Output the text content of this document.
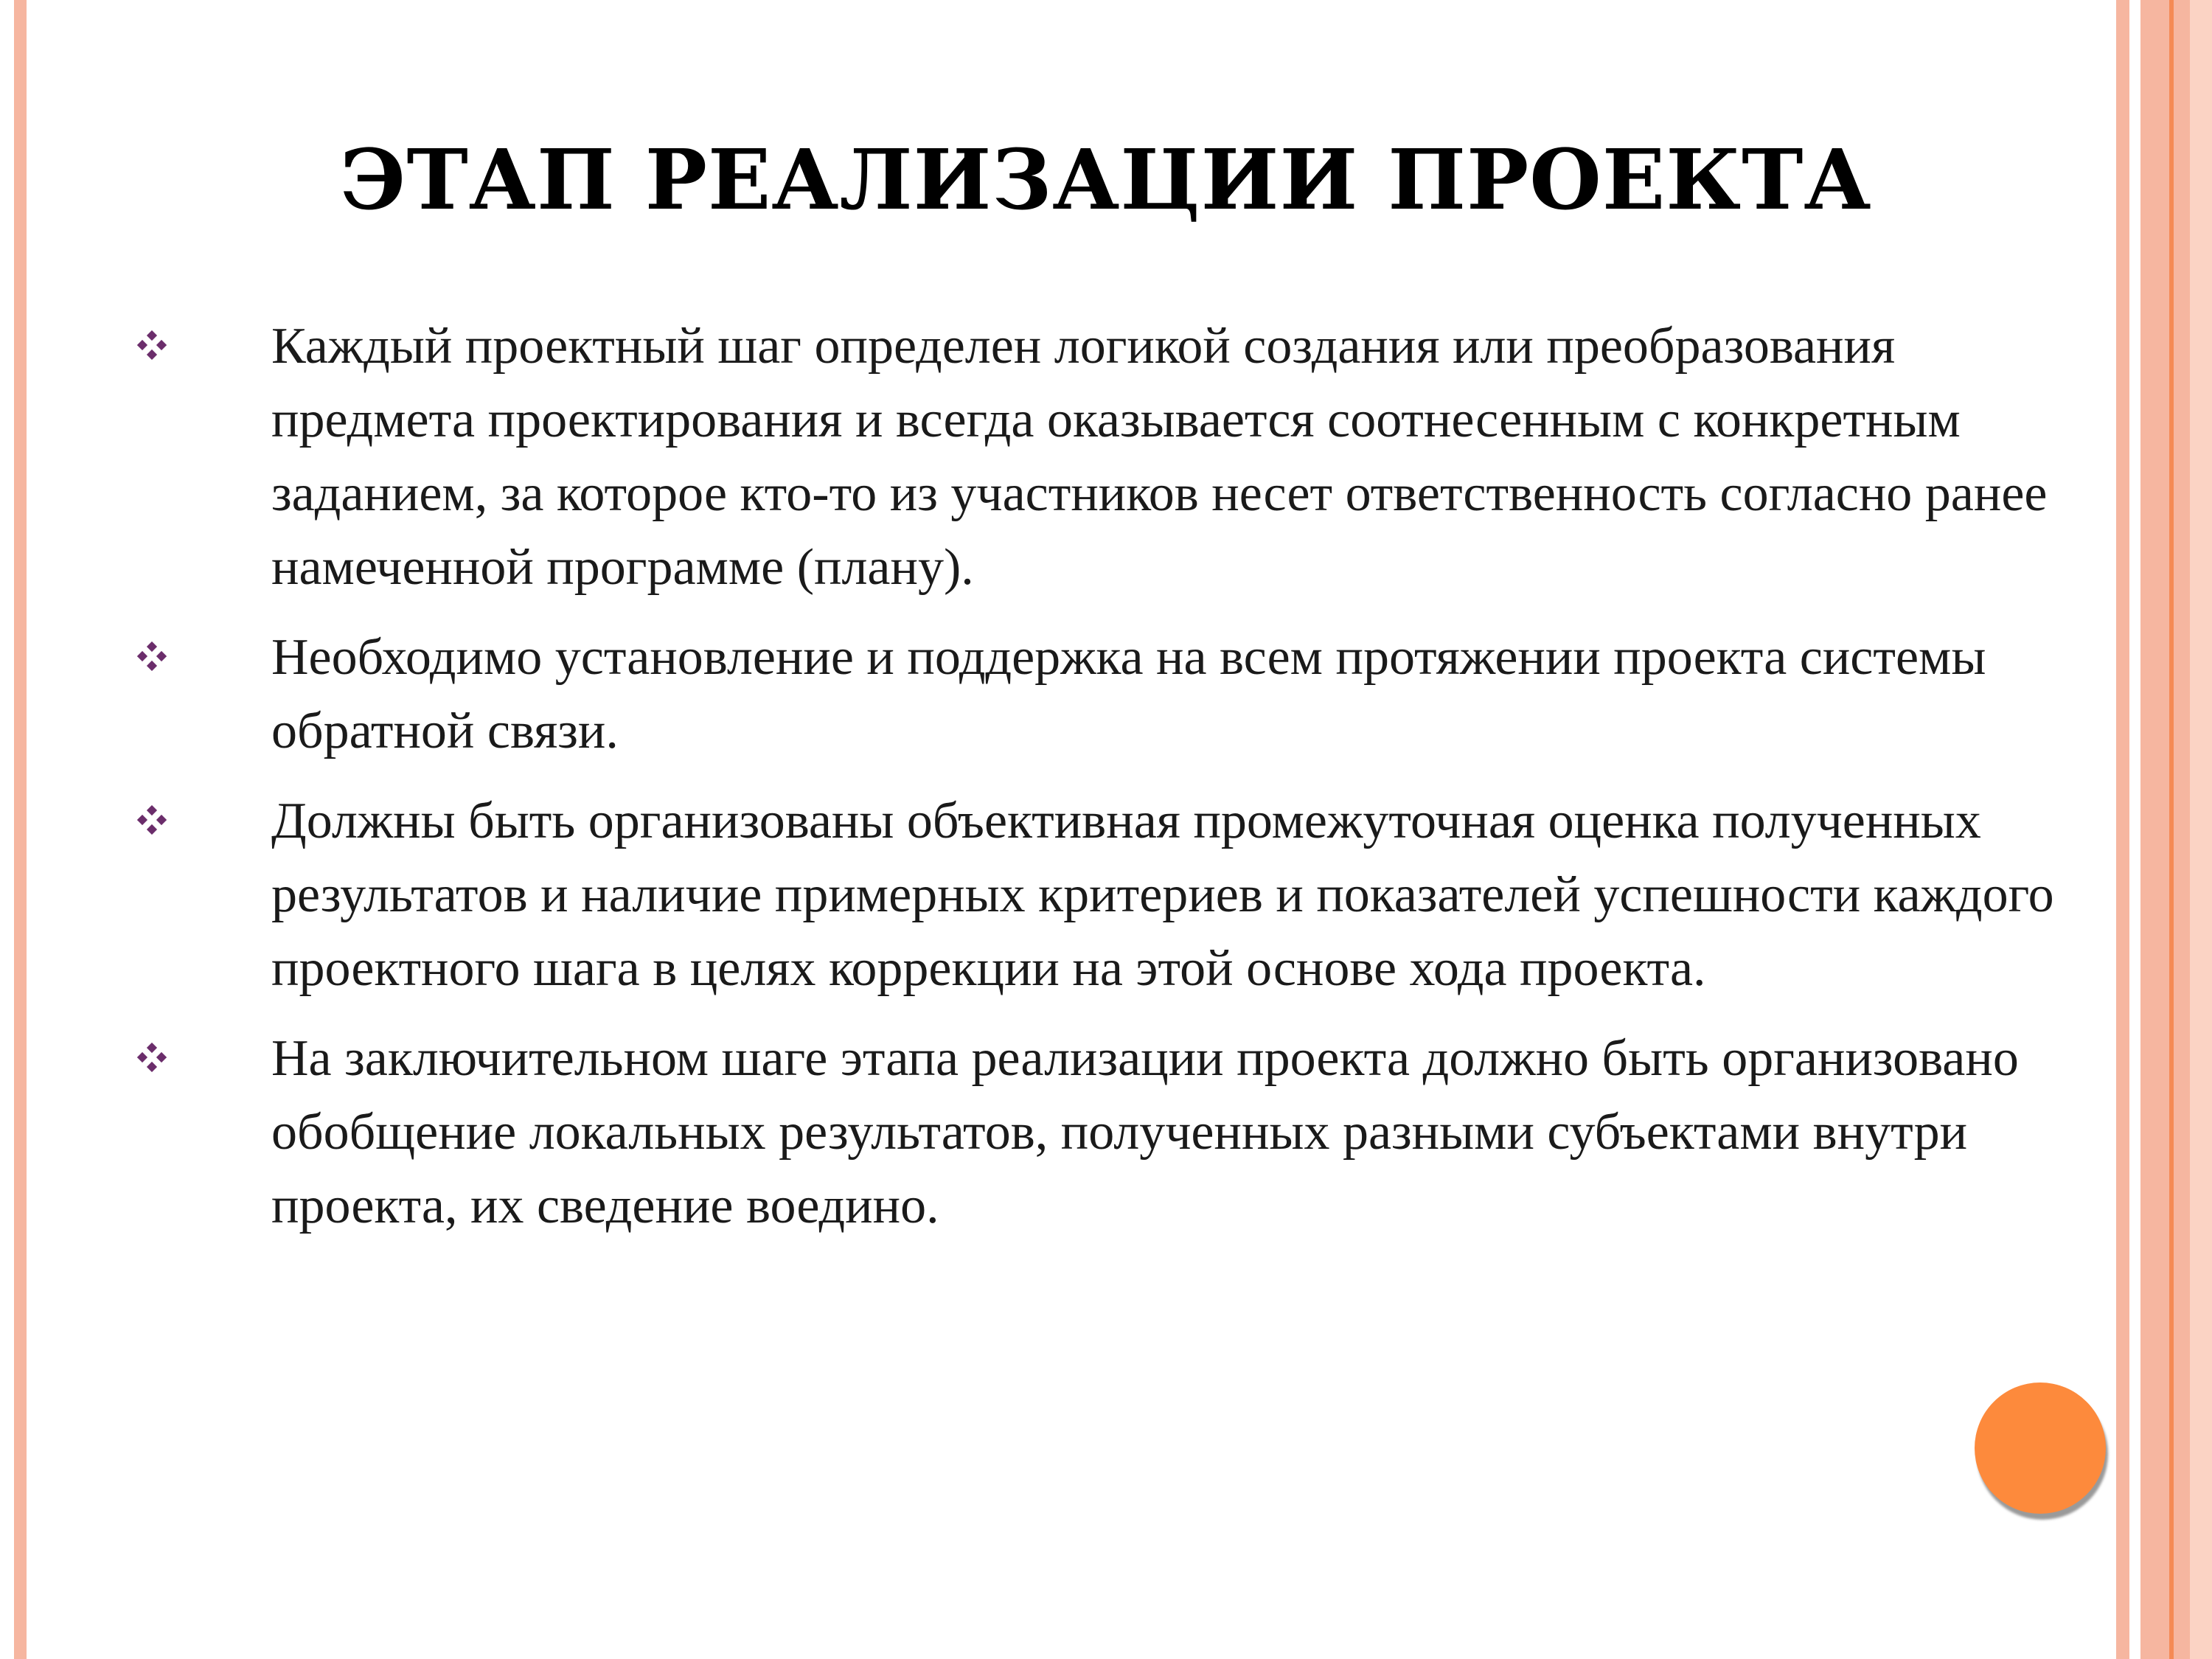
ЭТАП РЕАЛИЗАЦИИ ПРОЕКТА
Каждый проектный шаг определен логикой создания или преобразования предмета проектирования и всегда оказывается соотнесенным с конкретным заданием, за которое кто-то из участников несет ответственность согласно ранее намеченной программе (плану).
Необходимо установление и поддержка на всем протяжении проекта системы обратной связи.
Должны быть организованы объективная промежуточная оценка полученных результатов и наличие примерных критериев и показателей успешности каждого проектного шага в целях коррекции на этой основе хода проекта.
На заключительном шаге этапа реализации проекта должно быть организовано обобщение локальных результатов, полученных разными субъектами внутри проекта, их сведение воедино.
